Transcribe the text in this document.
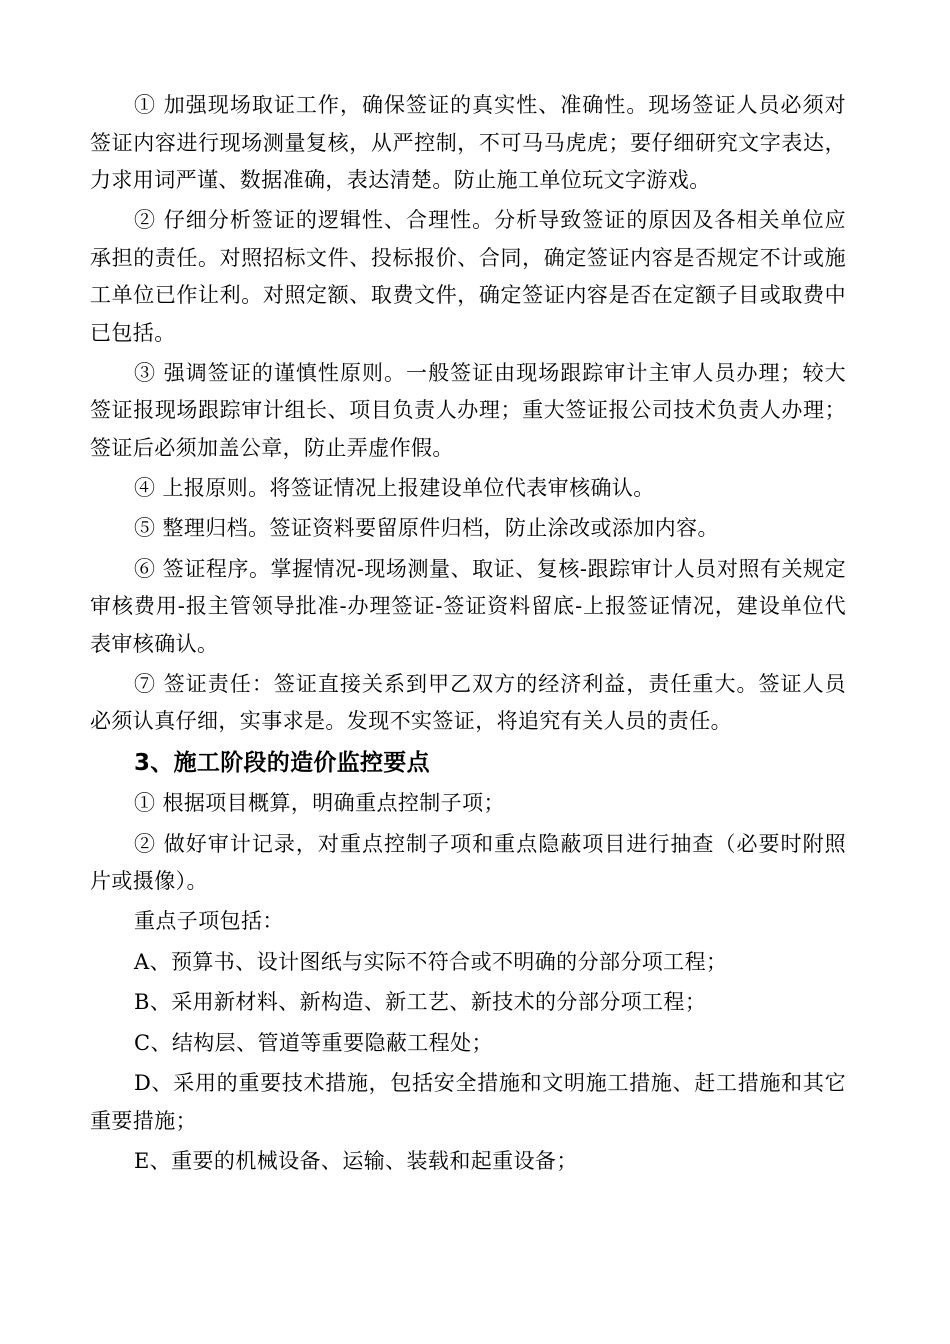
① 加强现场取证工作，确保签证的真实性、准确性。现场签证人员必须对签证内容进行现场测量复核，从严控制，不可马马虎虎；要仔细研究文字表达，力求用词严谨、数据准确，表达清楚。防止施工单位玩文字游戏。

② 仔细分析签证的逻辑性、合理性。分析导致签证的原因及各相关单位应承担的责任。对照招标文件、投标报价、合同，确定签证内容是否规定不计或施工单位已作让利。对照定额、取费文件，确定签证内容是否在定额子目或取费中已包括。

③ 强调签证的谨慎性原则。一般签证由现场跟踪审计主审人员办理；较大签证报现场跟踪审计组长、项目负责人办理；重大签证报公司技术负责人办理；签证后必须加盖公章，防止弄虚作假。

④ 上报原则。将签证情况上报建设单位代表审核确认。

⑤ 整理归档。签证资料要留原件归档，防止涂改或添加内容。

⑥ 签证程序。掌握情况-现场测量、取证、复核-跟踪审计人员对照有关规定审核费用-报主管领导批准-办理签证-签证资料留底-上报签证情况，建设单位代表审核确认。

⑦ 签证责任：签证直接关系到甲乙双方的经济利益，责任重大。签证人员必须认真仔细，实事求是。发现不实签证，将追究有关人员的责任。

3、施工阶段的造价监控要点

① 根据项目概算，明确重点控制子项；

② 做好审计记录，对重点控制子项和重点隐蔽项目进行抽查（必要时附照片或摄像）。

重点子项包括：

A、预算书、设计图纸与实际不符合或不明确的分部分项工程；

B、采用新材料、新构造、新工艺、新技术的分部分项工程；

C、结构层、管道等重要隐蔽工程处；

D、采用的重要技术措施，包括安全措施和文明施工措施、赶工措施和其它重要措施；

E、重要的机械设备、运输、装载和起重设备；
